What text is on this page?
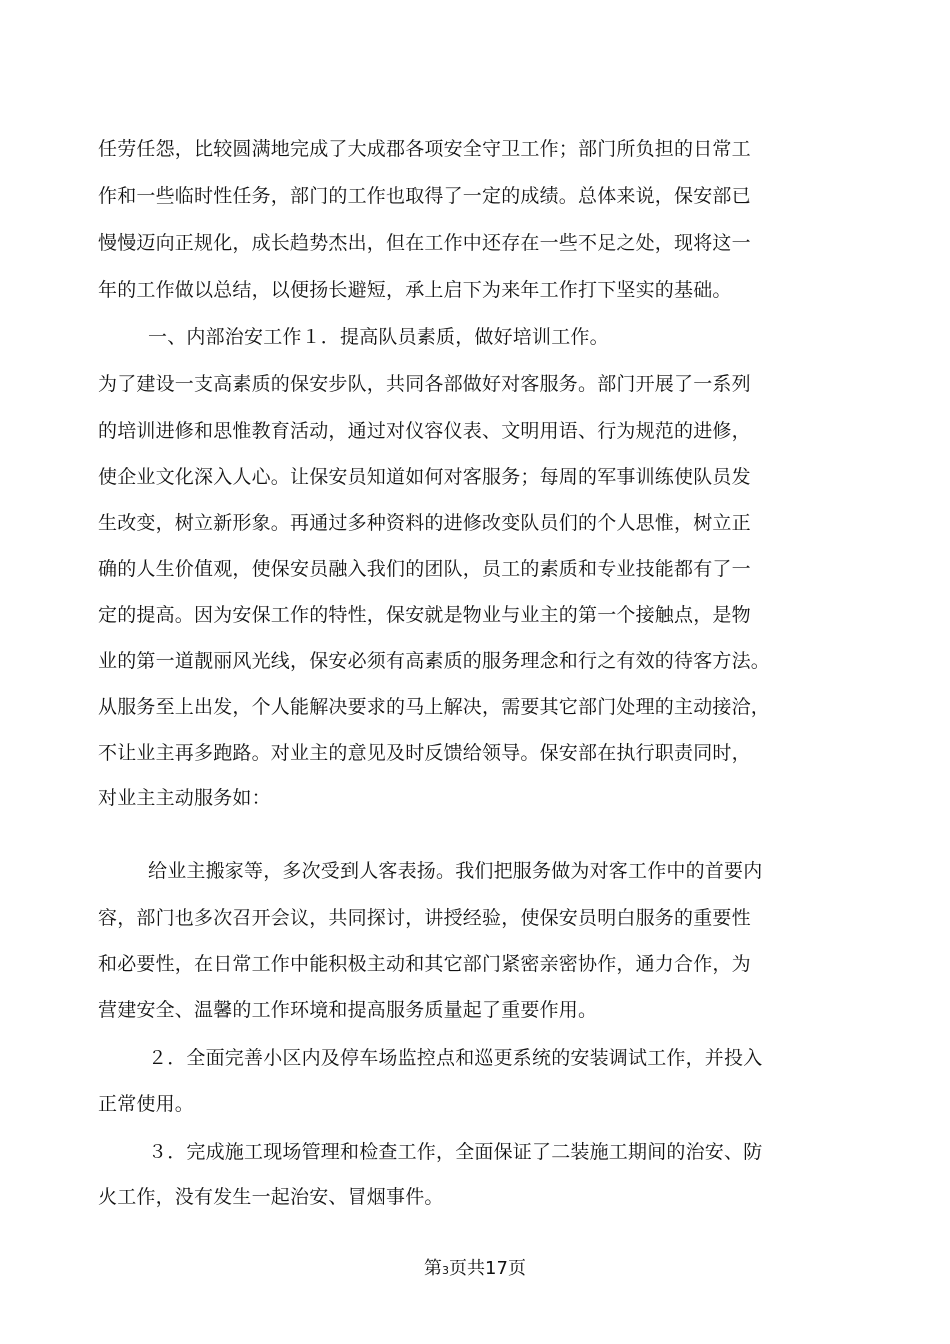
任劳任怨，比较圆满地完成了大成郡各项安全守卫工作；部门所负担的日常工

作和一些临时性任务，部门的工作也取得了一定的成绩。总体来说，保安部已

慢慢迈向正规化，成长趋势杰出，但在工作中还存在一些不足之处，现将这一

年的工作做以总结，以便扬长避短，承上启下为来年工作打下坚实的基础。

一、内部治安工作１．提高队员素质，做好培训工作。

为了建设一支高素质的保安步队，共同各部做好对客服务。部门开展了一系列

的培训进修和思惟教育活动，通过对仪容仪表、文明用语、行为规范的进修，

使企业文化深入人心。让保安员知道如何对客服务；每周的军事训练使队员发

生改变，树立新形象。再通过多种资料的进修改变队员们的个人思惟，树立正

确的人生价值观，使保安员融入我们的团队，员工的素质和专业技能都有了一

定的提高。因为安保工作的特性，保安就是物业与业主的第一个接触点，是物

业的第一道靓丽风光线，保安必须有高素质的服务理念和行之有效的待客方法。

从服务至上出发，个人能解决要求的马上解决，需要其它部门处理的主动接洽，

不让业主再多跑路。对业主的意见及时反馈给领导。保安部在执行职责同时，

对业主主动服务如：

给业主搬家等，多次受到人客表扬。我们把服务做为对客工作中的首要内

容，部门也多次召开会议，共同探讨，讲授经验，使保安员明白服务的重要性

和必要性，在日常工作中能积极主动和其它部门紧密亲密协作，通力合作，为

营建安全、温馨的工作环境和提高服务质量起了重要作用。

２．全面完善小区内及停车场监控点和巡更系统的安装调试工作，并投入

正常使用。

３．完成施工现场管理和检查工作，全面保证了二装施工期间的治安、防

火工作，没有发生一起治安、冒烟事件。

第3页共17页
